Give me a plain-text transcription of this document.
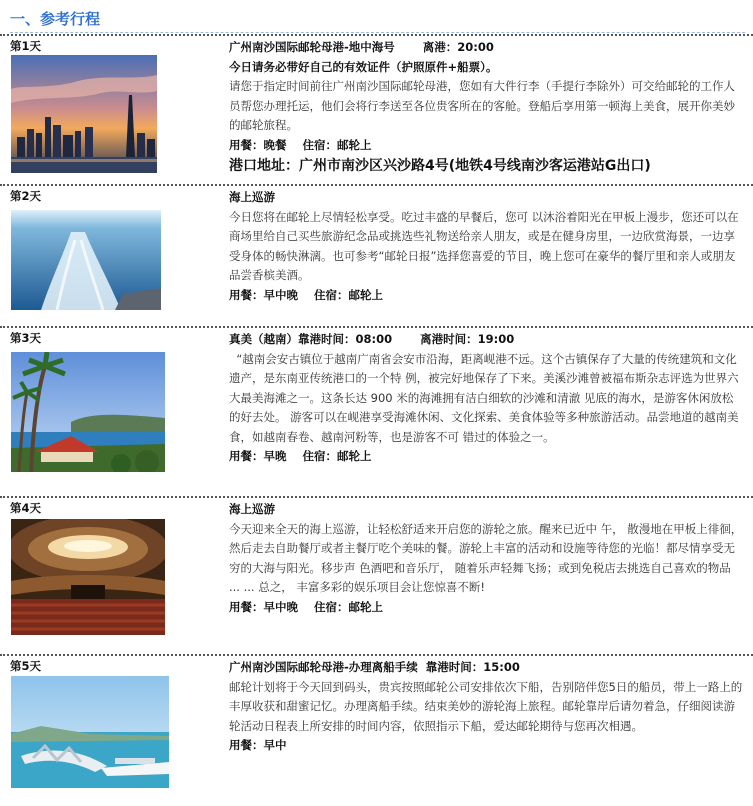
一、参考行程
第1天	广州南沙国际邮轮母港-地中海号 离港：20:00
今日请务必带好自己的有效证件（护照原件+船票）。
请您于指定时间前往广州南沙国际邮轮母港，您如有大件行李（手提行李除外）可交给邮轮的工作人员帮您办理托运，他们会将行李送至各位贵客所在的客舱。登船后享用第一顿海上美食，展开你美妙的邮轮旅程。
用餐：晚餐    住宿：邮轮上
港口地址：广州市南沙区兴沙路4号(地铁4号线南沙客运港站G出口)
第2天	海上巡游
今日您将在邮轮上尽情轻松享受。吃过丰盛的早餐后，您可 以沐浴着阳光在甲板上漫步，您还可以在商场里给自己买些旅游纪念品或挑选些礼物送给亲人朋友，或是在健身房里，一边欣赏海景，一边享受身体的畅快淋漓。也可参考“邮轮日报”选择您喜爱的节目，晚上您可在豪华的餐厅里和亲人或朋友品尝香槟美酒。
用餐：早中晚    住宿：邮轮上
第3天	真美（越南）靠港时间：08:00 离港时间：19:00
“越南会安古镇位于越南广南省会安市沿海，距离岘港不远。这个古镇保存了大量的传统建筑和文化遗产，是东南亚传统港口的一个特 例，被完好地保存了下来。美溪沙滩曾被福布斯杂志评选为世界六大最美海滩之一。这条长达 900 米的海滩拥有洁白细软的沙滩和清澈 见底的海水，是游客休闲放松的好去处。 游客可以在岘港享受海滩休闲、文化探索、美食体验等多种旅游活动。品尝地道的越南美食，如越南春卷、越南河粉等，也是游客不可 错过的体验之一。
用餐：早晚    住宿：邮轮上
第4天	海上巡游
今天迎来全天的海上巡游，让轻松舒适来开启您的游轮之旅。醒来已近中 午， 散漫地在甲板上徘徊， 然后走去自助餐厅或者主餐厅吃个美味的餐。游轮上丰富的活动和设施等待您的光临！都尽情享受无穷的大海与阳光。移步声 色酒吧和音乐厅， 随着乐声轻舞飞扬；或到免税店去挑选自己喜欢的物品 ... ... 总之， 丰富多彩的娱乐项目会让您惊喜不断!
用餐：早中晚    住宿：邮轮上
第5天	广州南沙国际邮轮母港-办理离船手续 靠港时间：15:00
邮轮计划将于今天回到码头，贵宾按照邮轮公司安排依次下船，告别陪伴您5日的船员，带上一路上的丰厚收获和甜蜜记忆。办理离船手续。结束美妙的游轮海上旅程。邮轮靠岸后请勿着急，仔细阅读游轮活动日程表上所安排的时间内容，依照指示下船，爱达邮轮期待与您再次相遇。
用餐：早中
